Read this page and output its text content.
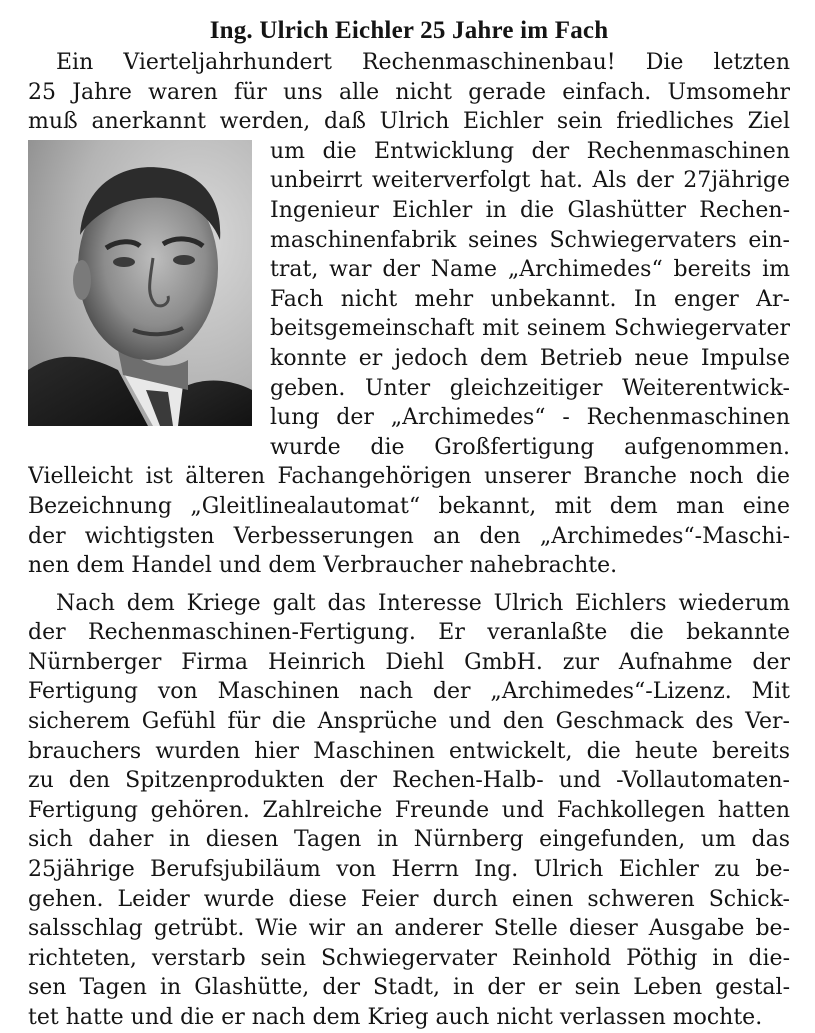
Ing. Ulrich Eichler 25 Jahre im Fach
Ein Vierteljahrhundert Rechenmaschinenbau! Die letzten
25 Jahre waren für uns alle nicht gerade einfach. Umsomehr
muß anerkannt werden, daß Ulrich Eichler sein friedliches Ziel
um die Entwicklung der Rechenmaschinen
unbeirrt weiterverfolgt hat. Als der 27jährige
Ingenieur Eichler in die Glashütter Rechen-
maschinenfabrik seines Schwiegervaters ein-
trat, war der Name „Archimedes“ bereits im
Fach nicht mehr unbekannt. In enger Ar-
beitsgemeinschaft mit seinem Schwiegervater
konnte er jedoch dem Betrieb neue Impulse
geben. Unter gleichzeitiger Weiterentwick-
lung der „Archimedes“ - Rechenmaschinen
wurde die Großfertigung aufgenommen.
Vielleicht ist älteren Fachangehörigen unserer Branche noch die
Bezeichnung „Gleitlinealautomat“ bekannt, mit dem man eine
der wichtigsten Verbesserungen an den „Archimedes“-Maschi-
nen dem Handel und dem Verbraucher nahebrachte.
Nach dem Kriege galt das Interesse Ulrich Eichlers wiederum
der Rechenmaschinen-Fertigung. Er veranlaßte die bekannte
Nürnberger Firma Heinrich Diehl GmbH. zur Aufnahme der
Fertigung von Maschinen nach der „Archimedes“-Lizenz. Mit
sicherem Gefühl für die Ansprüche und den Geschmack des Ver-
brauchers wurden hier Maschinen entwickelt, die heute bereits
zu den Spitzenprodukten der Rechen-Halb- und -Vollautomaten-
Fertigung gehören. Zahlreiche Freunde und Fachkollegen hatten
sich daher in diesen Tagen in Nürnberg eingefunden, um das
25jährige Berufsjubiläum von Herrn Ing. Ulrich Eichler zu be-
gehen. Leider wurde diese Feier durch einen schweren Schick-
salsschlag getrübt. Wie wir an anderer Stelle dieser Ausgabe be-
richteten, verstarb sein Schwiegervater Reinhold Pöthig in die-
sen Tagen in Glashütte, der Stadt, in der er sein Leben gestal-
tet hatte und die er nach dem Krieg auch nicht verlassen mochte.
